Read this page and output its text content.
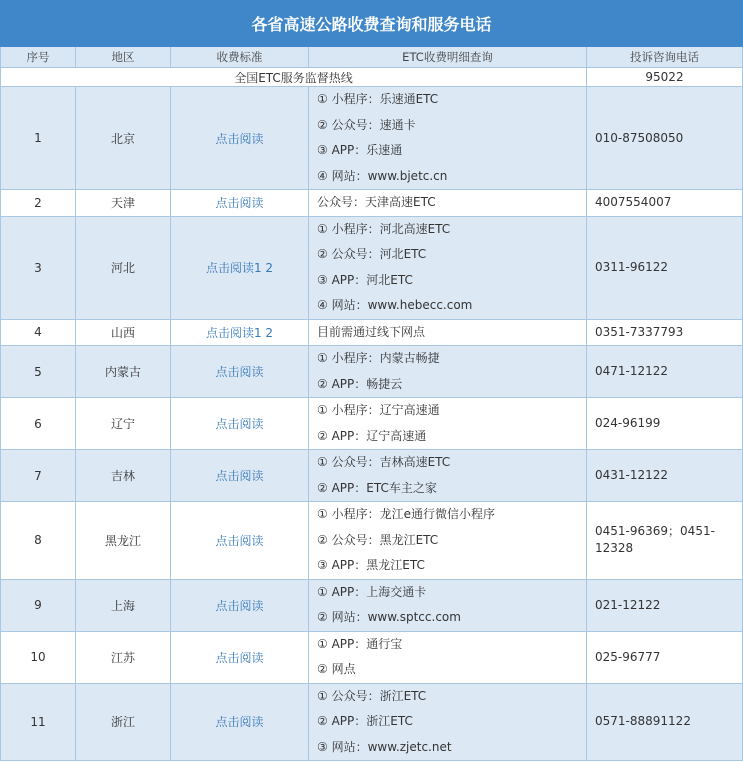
各省高速公路收费查询和服务电话				
序号	地区	收费标准	ETC收费明细查询	投诉咨询电话
全国ETC服务监督热线				95022
1	北京	点击阅读	① 小程序：乐速通ETC
② 公众号：速通卡
③ APP：乐速通
④ 网站：www.bjetc.cn	010-87508050
2	天津	点击阅读	公众号：天津高速ETC	4007554007
3	河北	点击阅读1 2	① 小程序：河北高速ETC
② 公众号：河北ETC
③ APP：河北ETC
④ 网站：www.hebecc.com	0311-96122
4	山西	点击阅读1 2	目前需通过线下网点	0351-7337793
5	内蒙古	点击阅读	① 小程序：内蒙古畅捷
② APP：畅捷云	0471-12122
6	辽宁	点击阅读	① 小程序：辽宁高速通
② APP：辽宁高速通	024-96199
7	吉林	点击阅读	① 公众号：吉林高速ETC
② APP：ETC车主之家	0431-12122
8	黑龙江	点击阅读	① 小程序：龙江e通行微信小程序
② 公众号：黑龙江ETC
③ APP：黑龙江ETC	0451-96369；0451-12328
9	上海	点击阅读	① APP：上海交通卡
② 网站：www.sptcc.com	021-12122
10	江苏	点击阅读	① APP：通行宝
② 网点	025-96777
11	浙江	点击阅读	① 公众号：浙江ETC
② APP：浙江ETC
③ 网站：www.zjetc.net	0571-88891122
